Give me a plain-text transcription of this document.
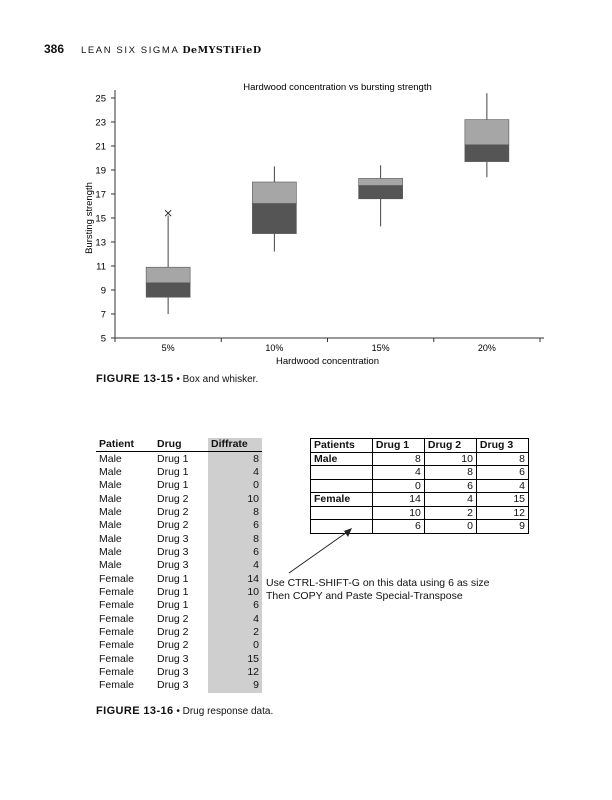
386 LEAN SIX SIGMA DeMYSTiFieD
Hardwood concentration vs bursting strength
5
7
9
11
13
15
17
19
21
23
25
5%	10%	15%	20%
Hardwood concentration
Bursting strength
FIGURE 13-15 • Box and whisker.
Patient	Drug	Diffrate
Male	Drug 1	8
Male	Drug 1	4
Male	Drug 1	0
Male	Drug 2	10
Male	Drug 2	8
Male	Drug 2	6
Male	Drug 3	8
Male	Drug 3	6
Male	Drug 3	4
Female	Drug 1	14
Female	Drug 1	10
Female	Drug 1	6
Female	Drug 2	4
Female	Drug 2	2
Female	Drug 2	0
Female	Drug 3	15
Female	Drug 3	12
Female	Drug 3	9
Patients	Drug 1	Drug 2	Drug 3
Male	8	10	8
	4	8	6
	0	6	4
Female	14	4	15
	10	2	12
	6	0	9
Use CTRL-SHIFT-G on this data using 6 as size
Then COPY and Paste Special-Transpose
FIGURE 13-16 • Drug response data.
